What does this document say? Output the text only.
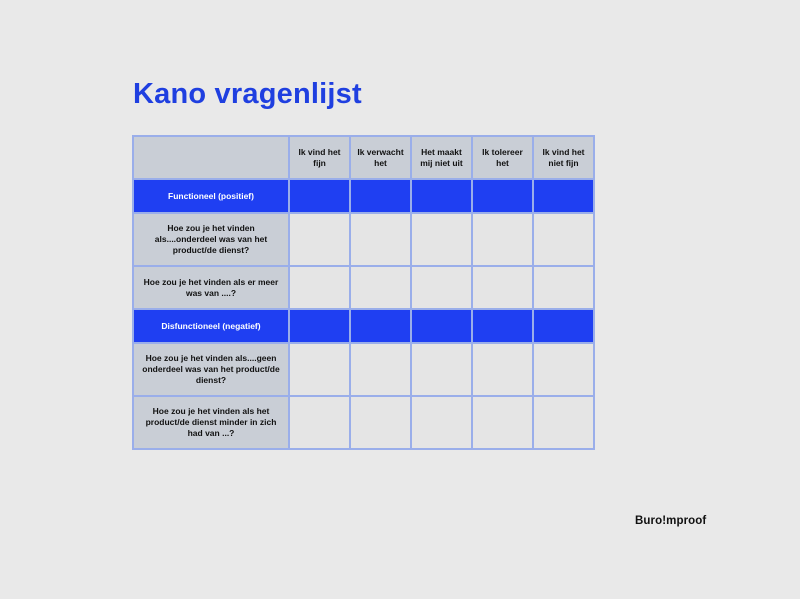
Kano vragenlijst
	Ik vind het fijn	Ik verwacht het	Het maakt mij niet uit	Ik tolereer het	Ik vind het niet fijn
Functioneel (positief)					
Hoe zou je het vinden als....onderdeel was van het product/de dienst?					
Hoe zou je het vinden als er meer was van ....?					
Disfunctioneel (negatief)					
Hoe zou je het vinden als....geen onderdeel was van het product/de dienst?					
Hoe zou je het vinden als het product/de dienst minder in zich had van ...?					
Buro!mproof
